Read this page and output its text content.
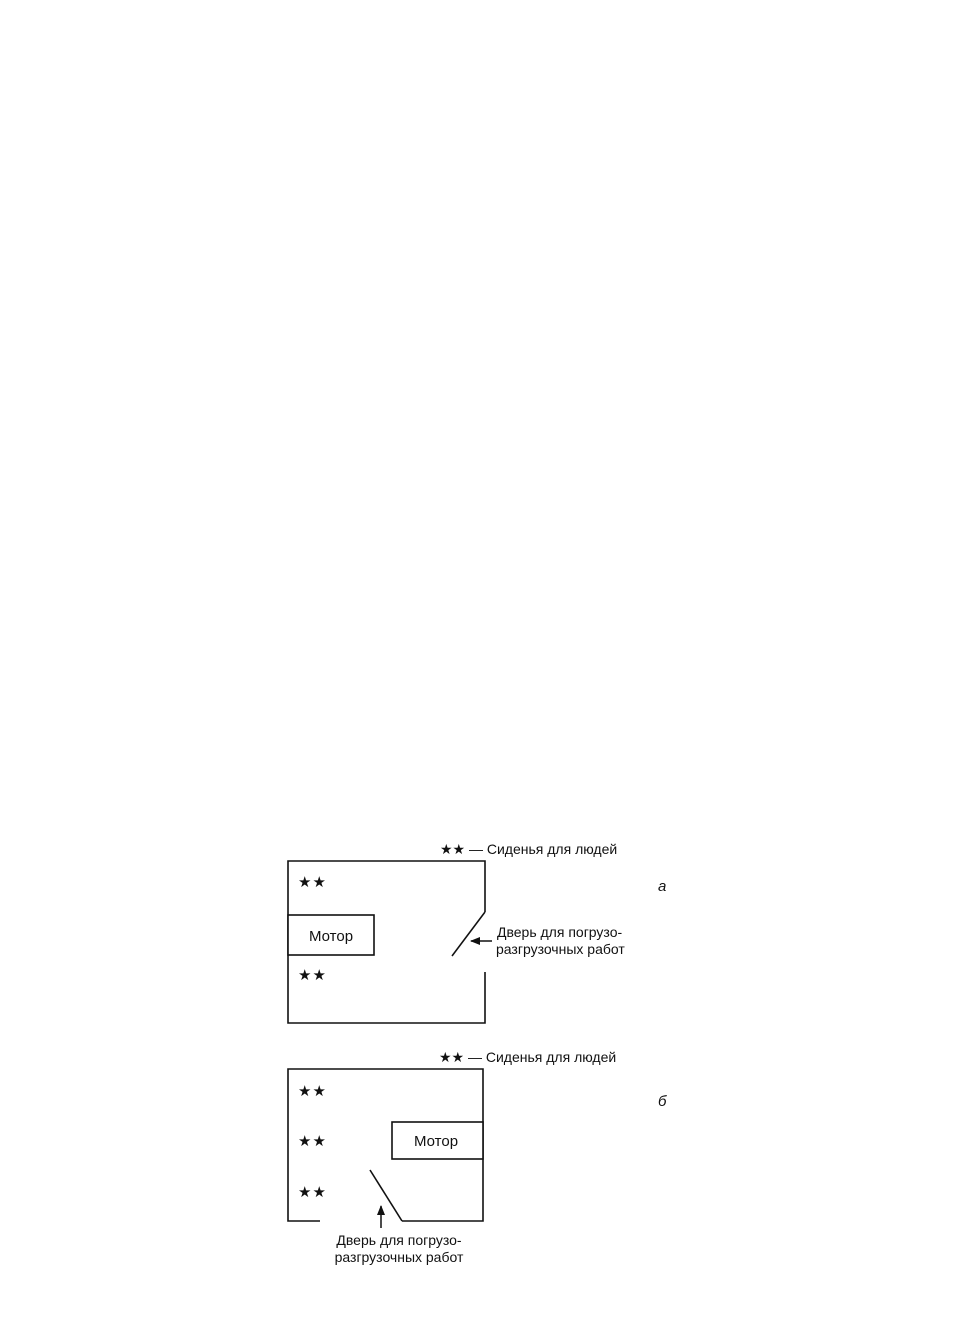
★★ — Сиденья для людей
Мотор
★★
★★
Дверь для погрузо-
разгрузочных работ
а
★★ — Сиденья для людей
Мотор
★★
★★
★★
Дверь для погрузо-
разгрузочных работ
б
